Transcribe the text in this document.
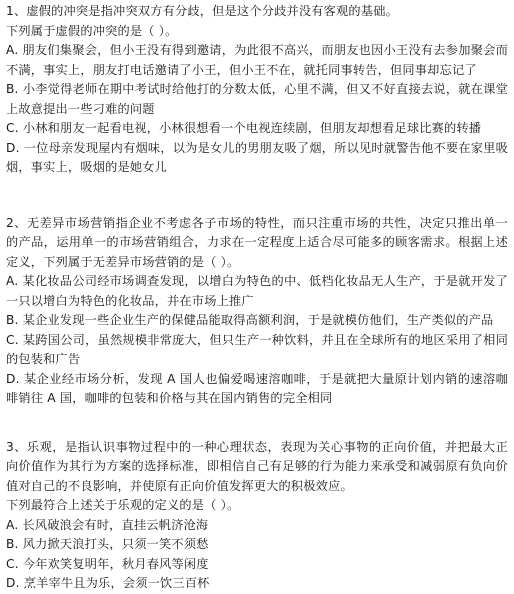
1、虚假的冲突是指冲突双方有分歧，但是这个分歧并没有客观的基础。
下列属于虚假的冲突的是（ ）。
A. 朋友们集聚会，但小王没有得到邀请，为此很不高兴，而朋友也因小王没有去参加聚会而不满，事实上，朋友打电话邀请了小王，但小王不在，就托同事转告，但同事却忘记了
B. 小李觉得老师在期中考试时给他打的分数太低，心里不满，但又不好直接去说，就在课堂上故意提出一些刁难的问题
C. 小林和朋友一起看电视，小林很想看一个电视连续剧，但朋友却想看足球比赛的转播
D. 一位母亲发现屋内有烟味，以为是女儿的男朋友吸了烟，所以见时就警告他不要在家里吸烟，事实上，吸烟的是她女儿
2、无差异市场营销指企业不考虑各子市场的特性，而只注重市场的共性，决定只推出单一的产品，运用单一的市场营销组合，力求在一定程度上适合尽可能多的顾客需求。根据上述定义，下列属于无差异市场营销的是（ ）。
A. 某化妆品公司经市场调查发现，以增白为特色的中、低档化妆品无人生产，于是就开发了一只以增白为特色的化妆品，并在市场上推广
B. 某企业发现一些企业生产的保健品能取得高额利润，于是就模仿他们，生产类似的产品
C. 某跨国公司，虽然规模非常庞大，但只生产一种饮料，并且在全球所有的地区采用了相同的包装和广告
D. 某企业经市场分析，发现 A 国人也偏爱喝速溶咖啡，于是就把大量原计划内销的速溶咖啡销往 A 国，咖啡的包装和价格与其在国内销售的完全相同
3、乐观，是指认识事物过程中的一种心理状态，表现为关心事物的正向价值，并把最大正向价值作为其行为方案的选择标准，即相信自己有足够的行为能力来承受和减弱原有负向价值对自己的不良影响，并使原有正向价值发挥更大的积极效应。
下列最符合上述关于乐观的定义的是（ ）。
A. 长风破浪会有时，直挂云帆济沧海
B. 风力掀天浪打头，只须一笑不须愁
C. 今年欢笑复明年，秋月春风等闲度
D. 烹羊宰牛且为乐，会须一饮三百杯
